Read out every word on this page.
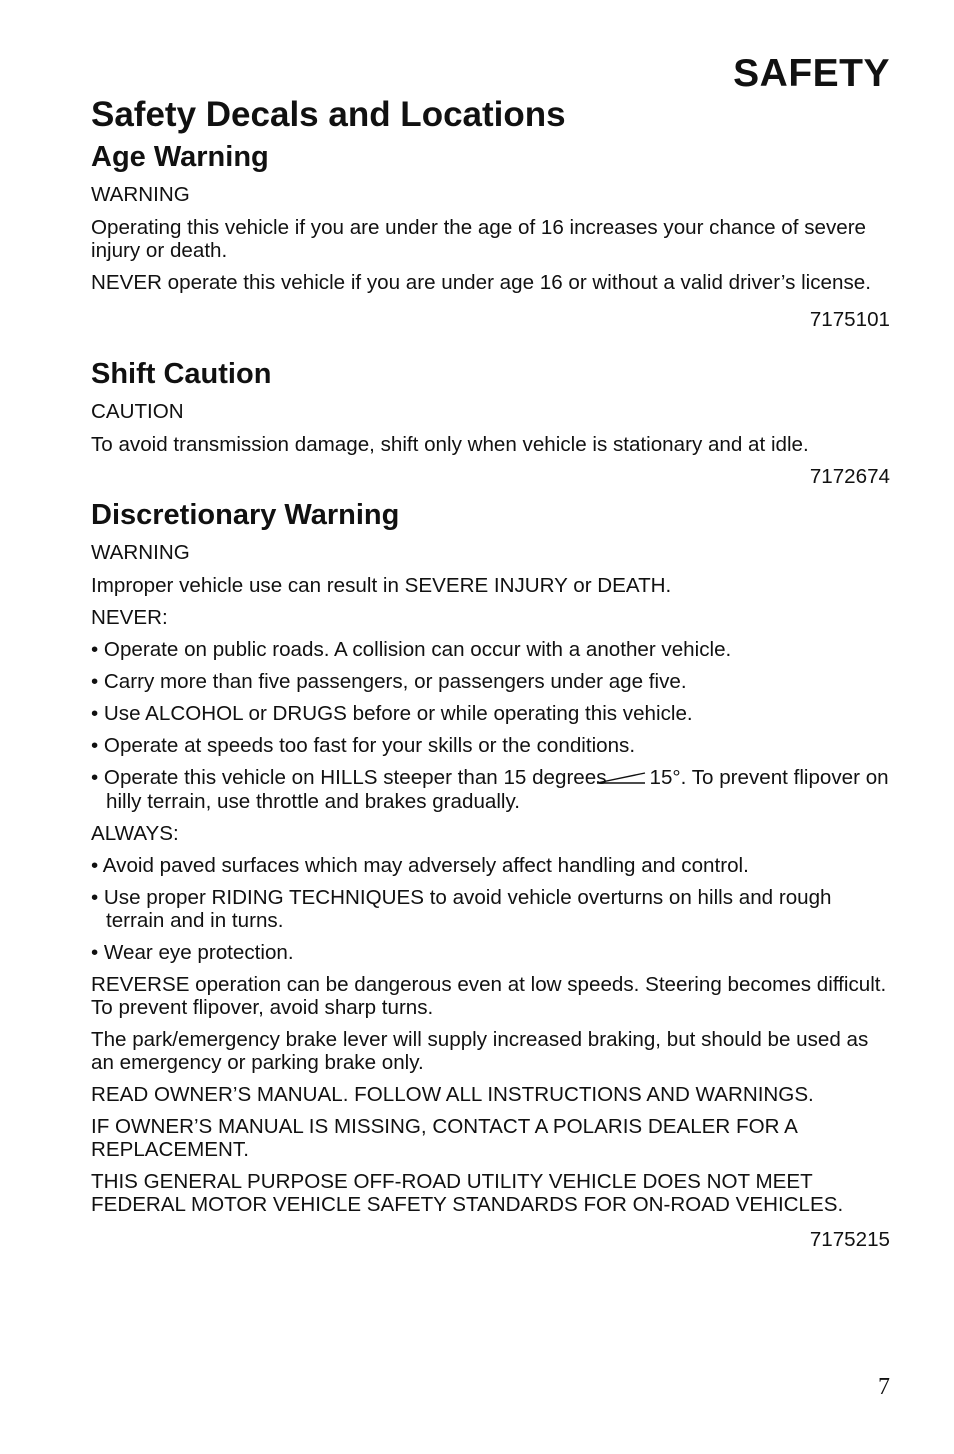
SAFETY
Safety Decals and Locations
Age Warning

WARNING

Operating this vehicle if you are under the age of 16 increases your chance of severe injury or death.

NEVER operate this vehicle if you are under age 16 or without a valid driver’s license.

7175101

Shift Caution

CAUTION

To avoid transmission damage, shift only when vehicle is stationary and at idle.

7172674

Discretionary Warning

WARNING

Improper vehicle use can result in SEVERE INJURY or DEATH.

NEVER:

• Operate on public roads. A collision can occur with a another vehicle.

• Carry more than five passengers, or passengers under age five.

• Use ALCOHOL or DRUGS before or while operating this vehicle.

• Operate at speeds too fast for your skills or the conditions.

• Operate this vehicle on HILLS steeper than 15 degrees 15°. To prevent flipover on hilly terrain, use throttle and brakes gradually.

ALWAYS:

• Avoid paved surfaces which may adversely affect handling and control.

• Use proper RIDING TECHNIQUES to avoid vehicle overturns on hills and rough terrain and in turns.

• Wear eye protection.

REVERSE operation can be dangerous even at low speeds. Steering becomes difficult. To prevent flipover, avoid sharp turns.

The park/emergency brake lever will supply increased braking, but should be used as an emergency or parking brake only.

READ OWNER’S MANUAL. FOLLOW ALL INSTRUCTIONS AND WARNINGS.

IF OWNER’S MANUAL IS MISSING, CONTACT A POLARIS DEALER FOR A REPLACEMENT.

THIS GENERAL PURPOSE OFF-ROAD UTILITY VEHICLE DOES NOT MEET FEDERAL MOTOR VEHICLE SAFETY STANDARDS FOR ON-ROAD VEHICLES.

7175215

7
